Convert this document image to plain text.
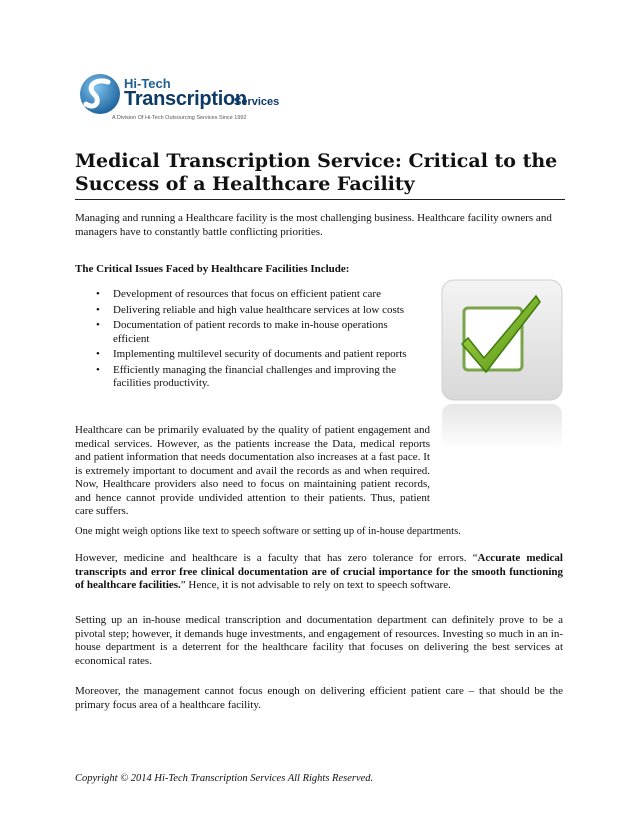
Hi-Tech
Transcription
Services
A Division Of Hi-Tech Outsourcing Services Since 1992
Medical Transcription Service: Critical to the Success of a Healthcare Facility

Managing and running a Healthcare facility is the most challenging business. Healthcare facility owners and managers have to constantly battle conflicting priorities.

The Critical Issues Faced by Healthcare Facilities Include:

• Development of resources that focus on efficient patient care
• Delivering reliable and high value healthcare services at low costs
• Documentation of patient records to make in-house operations efficient
• Implementing multilevel security of documents and patient reports
• Efficiently managing the financial challenges and improving the facilities productivity.

Healthcare can be primarily evaluated by the quality of patient engagement and medical services. However, as the patients increase the Data, medical reports and patient information that needs documentation also increases at a fast pace. It is extremely important to document and avail the records as and when required. Now, Healthcare providers also need to focus on maintaining patient records, and hence cannot provide undivided attention to their patients. Thus, patient care suffers.

One might weigh options like text to speech software or setting up of in-house departments.

However, medicine and healthcare is a faculty that has zero tolerance for errors. “Accurate medical transcripts and error free clinical documentation are of crucial importance for the smooth functioning of healthcare facilities.” Hence, it is not advisable to rely on text to speech software.

Setting up an in-house medical transcription and documentation department can definitely prove to be a pivotal step; however, it demands huge investments, and engagement of resources. Investing so much in an in-house department is a deterrent for the healthcare facility that focuses on delivering the best services at economical rates.

Moreover, the management cannot focus enough on delivering efficient patient care – that should be the primary focus area of a healthcare facility.

Copyright © 2014 Hi-Tech Transcription Services All Rights Reserved.
